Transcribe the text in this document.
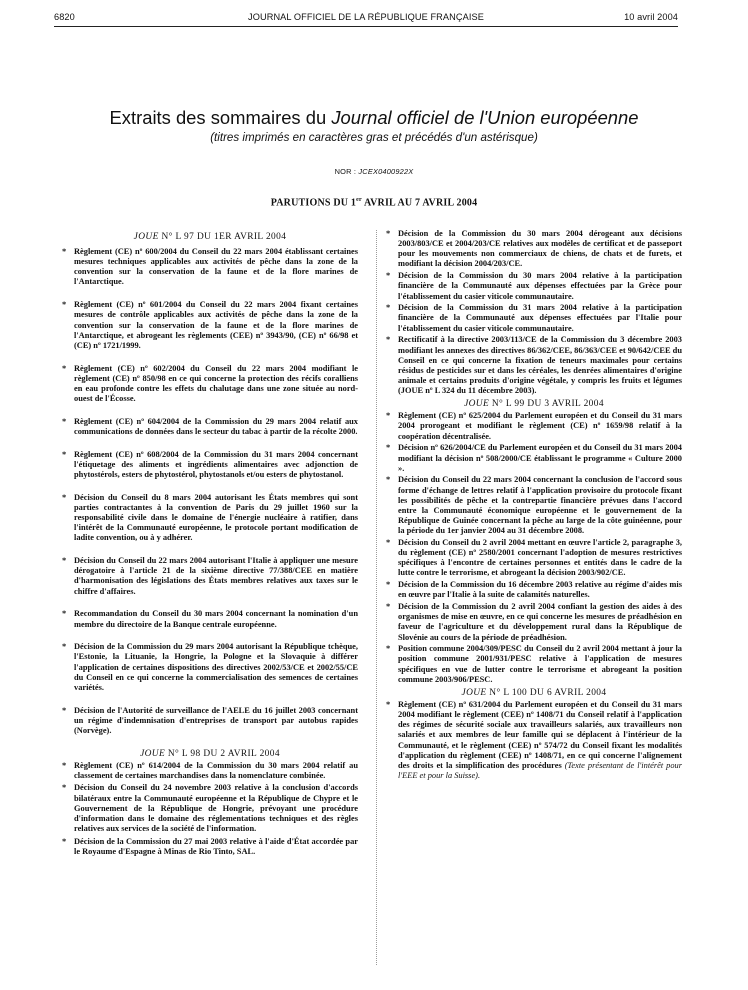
6820	JOURNAL OFFICIEL DE LA RÉPUBLIQUE FRANÇAISE	10 avril 2004
Extraits des sommaires du Journal officiel de l'Union européenne
(titres imprimés en caractères gras et précédés d'un astérisque)
NOR : JCEX0400922X
PARUTIONS DU 1er AVRIL AU 7 AVRIL 2004
JOUE N° L 97 DU 1ER AVRIL 2004

* Règlement (CE) nº 600/2004 du Conseil du 22 mars 2004 établissant certaines mesures techniques applicables aux activités de pêche dans la zone de la convention sur la conservation de la faune et de la flore marines de l'Antarctique.

* Règlement (CE) nº 601/2004 du Conseil du 22 mars 2004 fixant certaines mesures de contrôle applicables aux activités de pêche dans la zone de la convention sur la conservation de la faune et de la flore marines de l'Antarctique, et abrogeant les règlements (CEE) nº 3943/90, (CE) nº 66/98 et (CE) nº 1721/1999.

* Règlement (CE) nº 602/2004 du Conseil du 22 mars 2004 modifiant le règlement (CE) nº 850/98 en ce qui concerne la protection des récifs coralliens en eau profonde contre les effets du chalutage dans une zone située au nord-ouest de l'Écosse.

* Règlement (CE) nº 604/2004 de la Commission du 29 mars 2004 relatif aux communications de données dans le secteur du tabac à partir de la récolte 2000.

* Règlement (CE) nº 608/2004 de la Commission du 31 mars 2004 concernant l'étiquetage des aliments et ingrédients alimentaires avec adjonction de phytostérols, esters de phytostérol, phytostanols et/ou esters de phytostanol.

* Décision du Conseil du 8 mars 2004 autorisant les États membres qui sont parties contractantes à la convention de Paris du 29 juillet 1960 sur la responsabilité civile dans le domaine de l'énergie nucléaire à ratifier, dans l'intérêt de la Communauté européenne, le protocole portant modification de ladite convention, ou à y adhérer.

* Décision du Conseil du 22 mars 2004 autorisant l'Italie à appliquer une mesure dérogatoire à l'article 21 de la sixième directive 77/388/CEE en matière d'harmonisation des législations des États membres relatives aux taxes sur le chiffre d'affaires.

* Recommandation du Conseil du 30 mars 2004 concernant la nomination d'un membre du directoire de la Banque centrale européenne.

* Décision de la Commission du 29 mars 2004 autorisant la République tchèque, l'Estonie, la Lituanie, la Hongrie, la Pologne et la Slovaquie à différer l'application de certaines dispositions des directives 2002/53/CE et 2002/55/CE du Conseil en ce qui concerne la commercialisation des semences de certaines variétés.

* Décision de l'Autorité de surveillance de l'AELE du 16 juillet 2003 concernant un régime d'indemnisation d'entreprises de transport par autobus rapides (Norvège).

JOUE N° L 98 DU 2 AVRIL 2004

* Règlement (CE) nº 614/2004 de la Commission du 30 mars 2004 relatif au classement de certaines marchandises dans la nomenclature combinée.

* Décision du Conseil du 24 novembre 2003 relative à la conclusion d'accords bilatéraux entre la Communauté européenne et la République de Chypre et le Gouvernement de la République de Hongrie, prévoyant une procédure d'information dans le domaine des réglementations techniques et des règles relatives aux services de la société de l'information.

* Décision de la Commission du 27 mai 2003 relative à l'aide d'État accordée par le Royaume d'Espagne à Minas de Rio Tinto, SAL.

* Décision de la Commission du 30 mars 2004 dérogeant aux décisions 2003/803/CE et 2004/203/CE relatives aux modèles de certificat et de passeport pour les mouvements non commerciaux de chiens, de chats et de furets, et modifiant la décision 2004/203/CE.

* Décision de la Commission du 30 mars 2004 relative à la participation financière de la Communauté aux dépenses effectuées par la Grèce pour l'établissement du casier viticole communautaire.

* Décision de la Commission du 31 mars 2004 relative à la participation financière de la Communauté aux dépenses effectuées par l'Italie pour l'établissement du casier viticole communautaire.

* Rectificatif à la directive 2003/113/CE de la Commission du 3 décembre 2003 modifiant les annexes des directives 86/362/CEE, 86/363/CEE et 90/642/CEE du Conseil en ce qui concerne la fixation de teneurs maximales pour certains résidus de pesticides sur et dans les céréales, les denrées alimentaires d'origine animale et certains produits d'origine végétale, y compris les fruits et légumes (JOUE nº L 324 du 11 décembre 2003).

JOUE N° L 99 DU 3 AVRIL 2004

* Règlement (CE) nº 625/2004 du Parlement européen et du Conseil du 31 mars 2004 prorogeant et modifiant le règlement (CE) nº 1659/98 relatif à la coopération décentralisée.

* Décision nº 626/2004/CE du Parlement européen et du Conseil du 31 mars 2004 modifiant la décision nº 508/2000/CE établissant le programme « Culture 2000 ».

* Décision du Conseil du 22 mars 2004 concernant la conclusion de l'accord sous forme d'échange de lettres relatif à l'application provisoire du protocole fixant les possibilités de pêche et la contrepartie financière prévues dans l'accord entre la Communauté économique européenne et le gouvernement de la République de Guinée concernant la pêche au large de la côte guinéenne, pour la période du 1er janvier 2004 au 31 décembre 2008.

* Décision du Conseil du 2 avril 2004 mettant en œuvre l'article 2, paragraphe 3, du règlement (CE) nº 2580/2001 concernant l'adoption de mesures restrictives spécifiques à l'encontre de certaines personnes et entités dans le cadre de la lutte contre le terrorisme, et abrogeant la décision 2003/902/CE.

* Décision de la Commission du 16 décembre 2003 relative au régime d'aides mis en œuvre par l'Italie à la suite de calamités naturelles.

* Décision de la Commission du 2 avril 2004 confiant la gestion des aides à des organismes de mise en œuvre, en ce qui concerne les mesures de préadhésion en faveur de l'agriculture et du développement rural dans la République de Slovénie au cours de la période de préadhésion.

* Position commune 2004/309/PESC du Conseil du 2 avril 2004 mettant à jour la position commune 2001/931/PESC relative à l'application de mesures spécifiques en vue de lutter contre le terrorisme et abrogeant la position commune 2003/906/PESC.

JOUE N° L 100 DU 6 AVRIL 2004

* Règlement (CE) nº 631/2004 du Parlement européen et du Conseil du 31 mars 2004 modifiant le règlement (CEE) nº 1408/71 du Conseil relatif à l'application des régimes de sécurité sociale aux travailleurs salariés, aux travailleurs non salariés et aux membres de leur famille qui se déplacent à l'intérieur de la Communauté, et le règlement (CEE) nº 574/72 du Conseil fixant les modalités d'application du règlement (CEE) nº 1408/71, en ce qui concerne l'alignement des droits et la simplification des procédures (Texte présentant de l'intérêt pour l'EEE et pour la Suisse).
